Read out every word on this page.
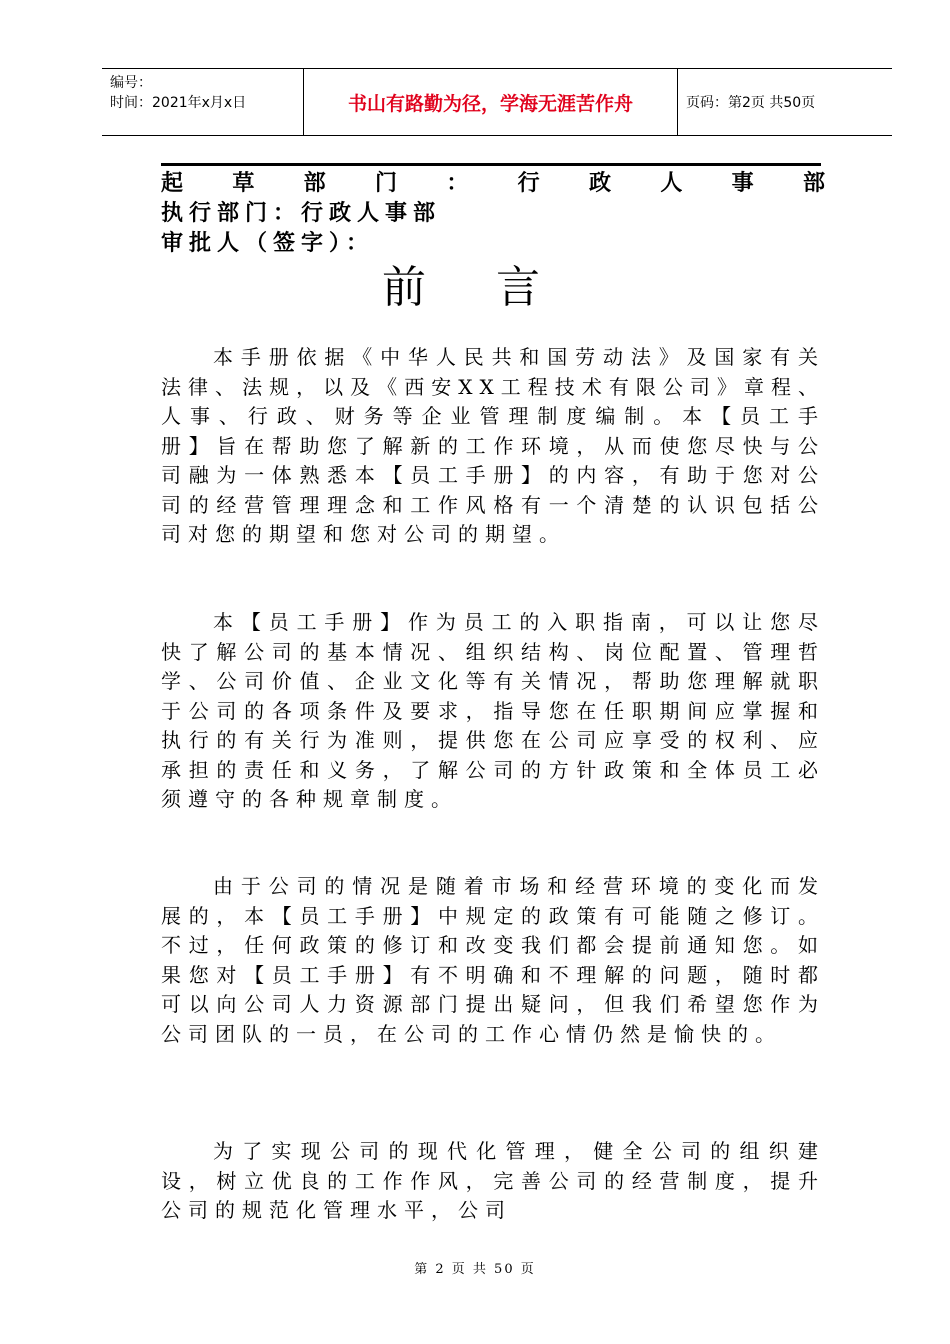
编号：
时间：2021年x月x日	书山有路勤为径，学海无涯苦作舟	页码：第2页 共50页
起草部门：行政人事部
执行部门：行政人事部
审批人（签字）：
前 言

本手册依据《中华人民共和国劳动法》及国家有关法律、法规，以及《西安XX工程技术有限公司》章程、人事、行政、财务等企业管理制度编制。本【员工手册】旨在帮助您了解新的工作环境，从而使您尽快与公司融为一体熟悉本【员工手册】的内容，有助于您对公司的经营管理理念和工作风格有一个清楚的认识包括公司对您的期望和您对公司的期望。

本【员工手册】作为员工的入职指南，可以让您尽快了解公司的基本情况、组织结构、岗位配置、管理哲学、公司价值、企业文化等有关情况，帮助您理解就职于公司的各项条件及要求，指导您在任职期间应掌握和执行的有关行为准则，提供您在公司应享受的权利、应承担的责任和义务，了解公司的方针政策和全体员工必须遵守的各种规章制度。

由于公司的情况是随着市场和经营环境的变化而发展的，本【员工手册】中规定的政策有可能随之修订。不过，任何政策的修订和改变我们都会提前通知您。如果您对【员工手册】有不明确和不理解的问题，随时都可以向公司人力资源部门提出疑问，但我们希望您作为公司团队的一员，在公司的工作心情仍然是愉快的。

为了实现公司的现代化管理，健全公司的组织建设，树立优良的工作作风，完善公司的经营制度，提升公司的规范化管理水平，公司

第 2 页 共 50 页
